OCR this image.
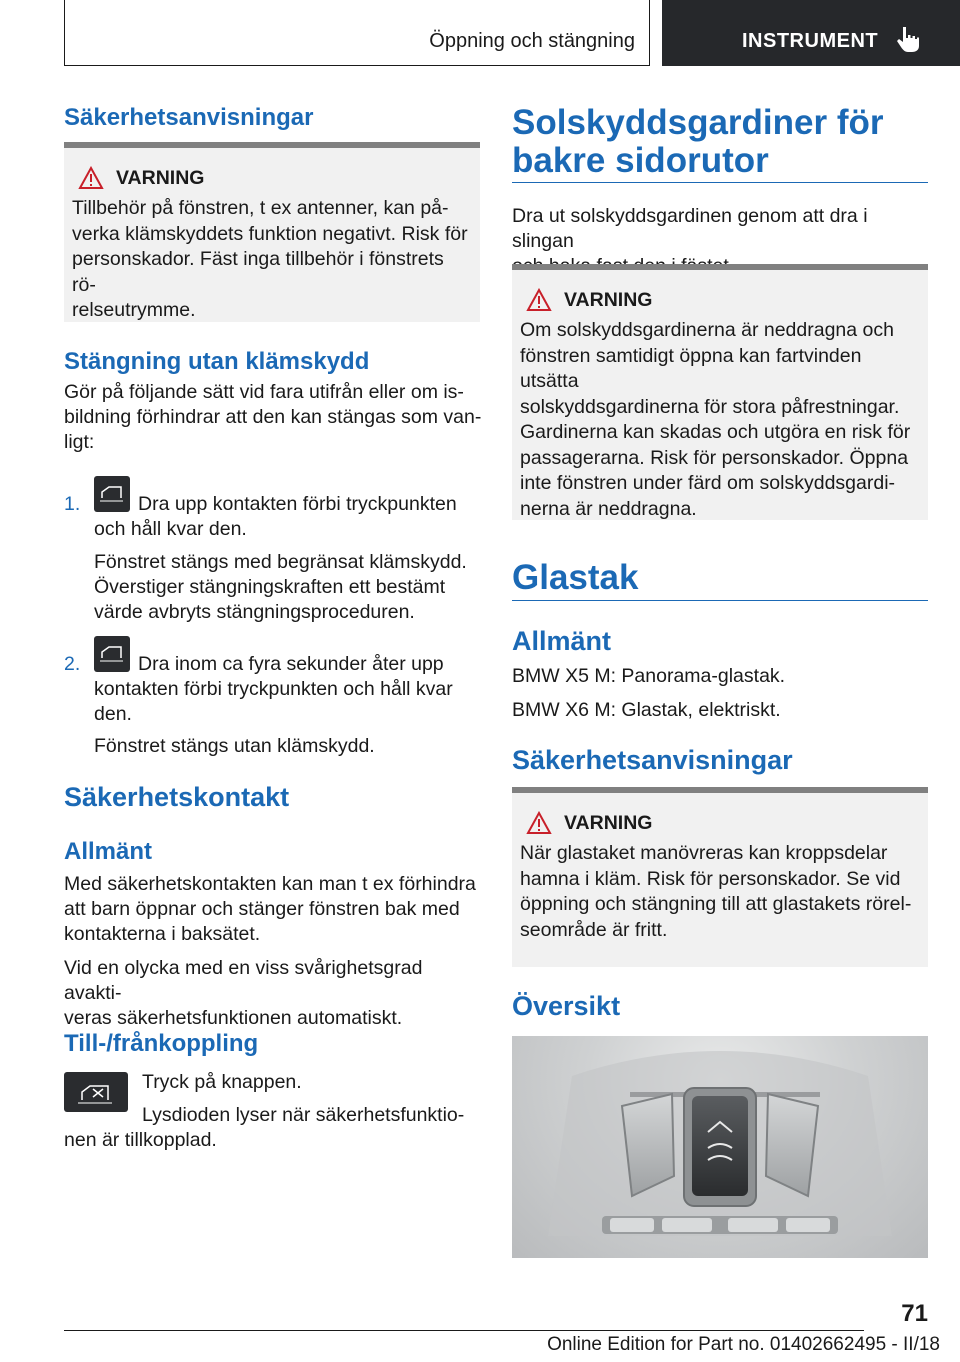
Öppning och stängning	INSTRUMENT
Säkerhetsanvisningar
VARNING
Tillbehör på fönstren, t ex antenner, kan på-
verka klämskyddets funktion negativt. Risk för
personskador. Fäst inga tillbehör i fönstrets rö-
relseutrymme.
Stängning utan klämskydd
Gör på följande sätt vid fara utifrån eller om is-
bildning förhindrar att den kan stängas som van-
ligt:
1.	Dra upp kontakten förbi tryckpunkten
och håll kvar den.
Fönstret stängs med begränsat klämskydd.
Överstiger stängningskraften ett bestämt
värde avbryts stängningsproceduren.
2.	Dra inom ca fyra sekunder åter upp
kontakten förbi tryckpunkten och håll kvar
den.
Fönstret stängs utan klämskydd.
Säkerhetskontakt
Allmänt
Med säkerhetskontakten kan man t ex förhindra
att barn öppnar och stänger fönstren bak med
kontakterna i baksätet.
Vid en olycka med en viss svårighetsgrad avakti-
veras säkerhetsfunktionen automatiskt.
Till-/frånkoppling
Tryck på knappen.
Lysdioden lyser när säkerhetsfunktio-
nen är tillkopplad.
Solskyddsgardiner för
bakre sidorutor
Dra ut solskyddsgardinen genom att dra i slingan
VARNING
Om solskyddsgardinerna är neddragna och
fönstren samtidigt öppna kan fartvinden utsätta
solskyddsgardinerna för stora påfrestningar.
Gardinerna kan skadas och utgöra en risk för
passagerarna. Risk för personskador. Öppna
inte fönstren under färd om solskyddsgardi-
nerna är neddragna.
Glastak
Allmänt
BMW X5 M: Panorama-glastak.
BMW X6 M: Glastak, elektriskt.
Säkerhetsanvisningar
VARNING
När glastaket manövreras kan kroppsdelar
hamna i kläm. Risk för personskador. Se vid
öppning och stängning till att glastakets rörel-
seområde är fritt.
Översikt
71
Online Edition for Part no. 01402662495 - II/18
